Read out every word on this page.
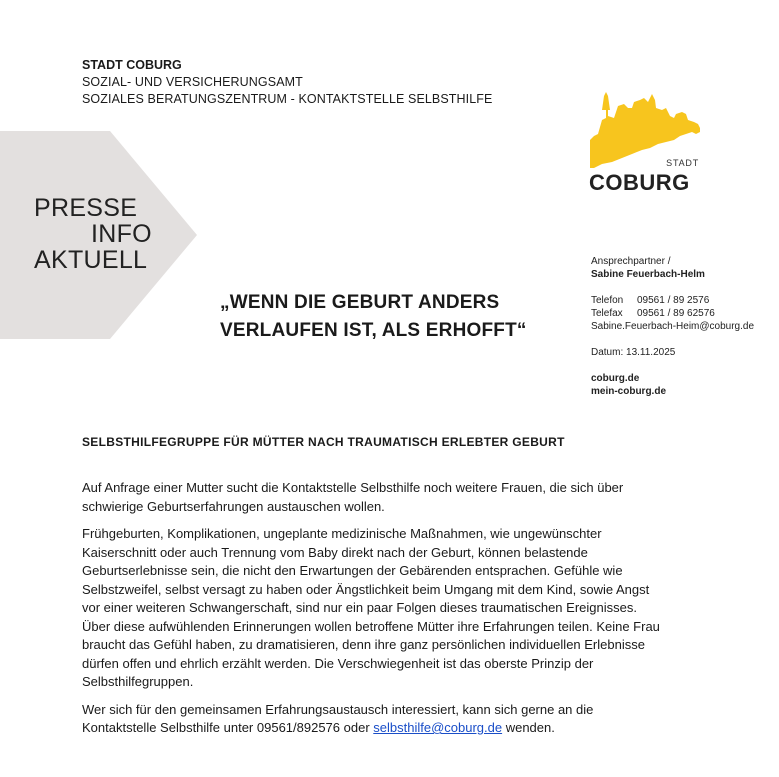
STADT COBURG
SOZIAL- UND VERSICHERUNGSAMT
SOZIALES BERATUNGSZENTRUM - KONTAKTSTELLE SELBSTHILFE
PRESSE
INFO
AKTUELL
STADT
COBURG
„WENN DIE GEBURT ANDERS
VERLAUFEN IST, ALS ERHOFFT“
Ansprechpartner /
Sabine Feuerbach-Helm
Telefon 09561 / 89 2576
Telefax 09561 / 89 62576
Sabine.Feuerbach-Heim@coburg.de
Datum: 13.11.2025
coburg.de
mein-coburg.de
SELBSTHILFEGRUPPE FÜR MÜTTER NACH TRAUMATISCH ERLEBTER GEBURT

Auf Anfrage einer Mutter sucht die Kontaktstelle Selbsthilfe noch weitere Frauen, die sich über schwierige Geburtserfahrungen austauschen wollen.

Frühgeburten, Komplikationen, ungeplante medizinische Maßnahmen, wie ungewünschter Kaiserschnitt oder auch Trennung vom Baby direkt nach der Geburt, können belastende Geburtserlebnisse sein, die nicht den Erwartungen der Gebärenden entsprachen. Gefühle wie Selbstzweifel, selbst versagt zu haben oder Ängstlichkeit beim Umgang mit dem Kind, sowie Angst vor einer weiteren Schwangerschaft, sind nur ein paar Folgen dieses traumatischen Ereignisses. Über diese aufwühlenden Erinnerungen wollen betroffene Mütter ihre Erfahrungen teilen. Keine Frau braucht das Gefühl haben, zu dramatisieren, denn ihre ganz persönlichen individuellen Erlebnisse dürfen offen und ehrlich erzählt werden. Die Verschwiegenheit ist das oberste Prinzip der Selbsthilfegruppen.

Wer sich für den gemeinsamen Erfahrungsaustausch interessiert, kann sich gerne an die Kontaktstelle Selbsthilfe unter 09561/892576 oder selbsthilfe@coburg.de wenden.
